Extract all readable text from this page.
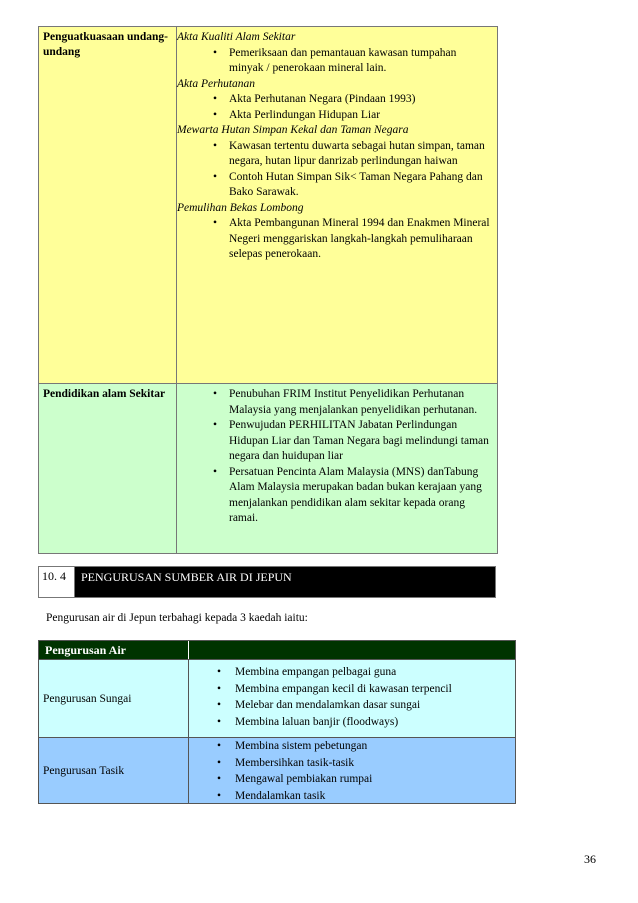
Penguatkuasaan undang-undang
Akta Kualiti Alam Sekitar
• Pemeriksaan dan pemantauan kawasan tumpahan minyak / penerokaan mineral lain.
Akta Perhutanan
• Akta Perhutanan Negara (Pindaan 1993)
• Akta Perlindungan Hidupan Liar
Mewarta Hutan Simpan Kekal dan Taman Negara
• Kawasan tertentu duwarta sebagai hutan simpan, taman negara, hutan lipur danrizab perlindungan haiwan
• Contoh Hutan Simpan Sik< Taman Negara Pahang dan Bako Sarawak.
Pemulihan Bekas Lombong
• Akta Pembangunan Mineral 1994 dan Enakmen Mineral Negeri menggariskan langkah-langkah pemuliharaan selepas penerokaan.
Pendidikan alam Sekitar
•	Penubuhan FRIM Institut Penyelidikan Perhutanan Malaysia yang menjalankan penyelidikan perhutanan.
• Penwujudan PERHILITAN Jabatan Perlindungan Hidupan Liar dan Taman Negara bagi melindungi taman negara dan huidupan liar
• Persatuan Pencinta Alam Malaysia (MNS) danTabung Alam Malaysia merupakan badan bukan kerajaan yang menjalankan pendidikan alam sekitar kepada orang ramai.
10. 4	PENGURUSAN SUMBER AIR DI JEPUN
Pengurusan air di Jepun terbahagi kepada 3 kaedah iaitu:
Pengurusan Air
Pengurusan Sungai
• Membina empangan pelbagai guna
• Membina empangan kecil di kawasan terpencil
• Melebar dan mendalamkan dasar sungai
• Membina laluan banjir (floodways)
Pengurusan Tasik
• Membina sistem pebetungan
• Membersihkan tasik-tasik
• Mengawal pembiakan rumpai
• Mendalamkan tasik
36
